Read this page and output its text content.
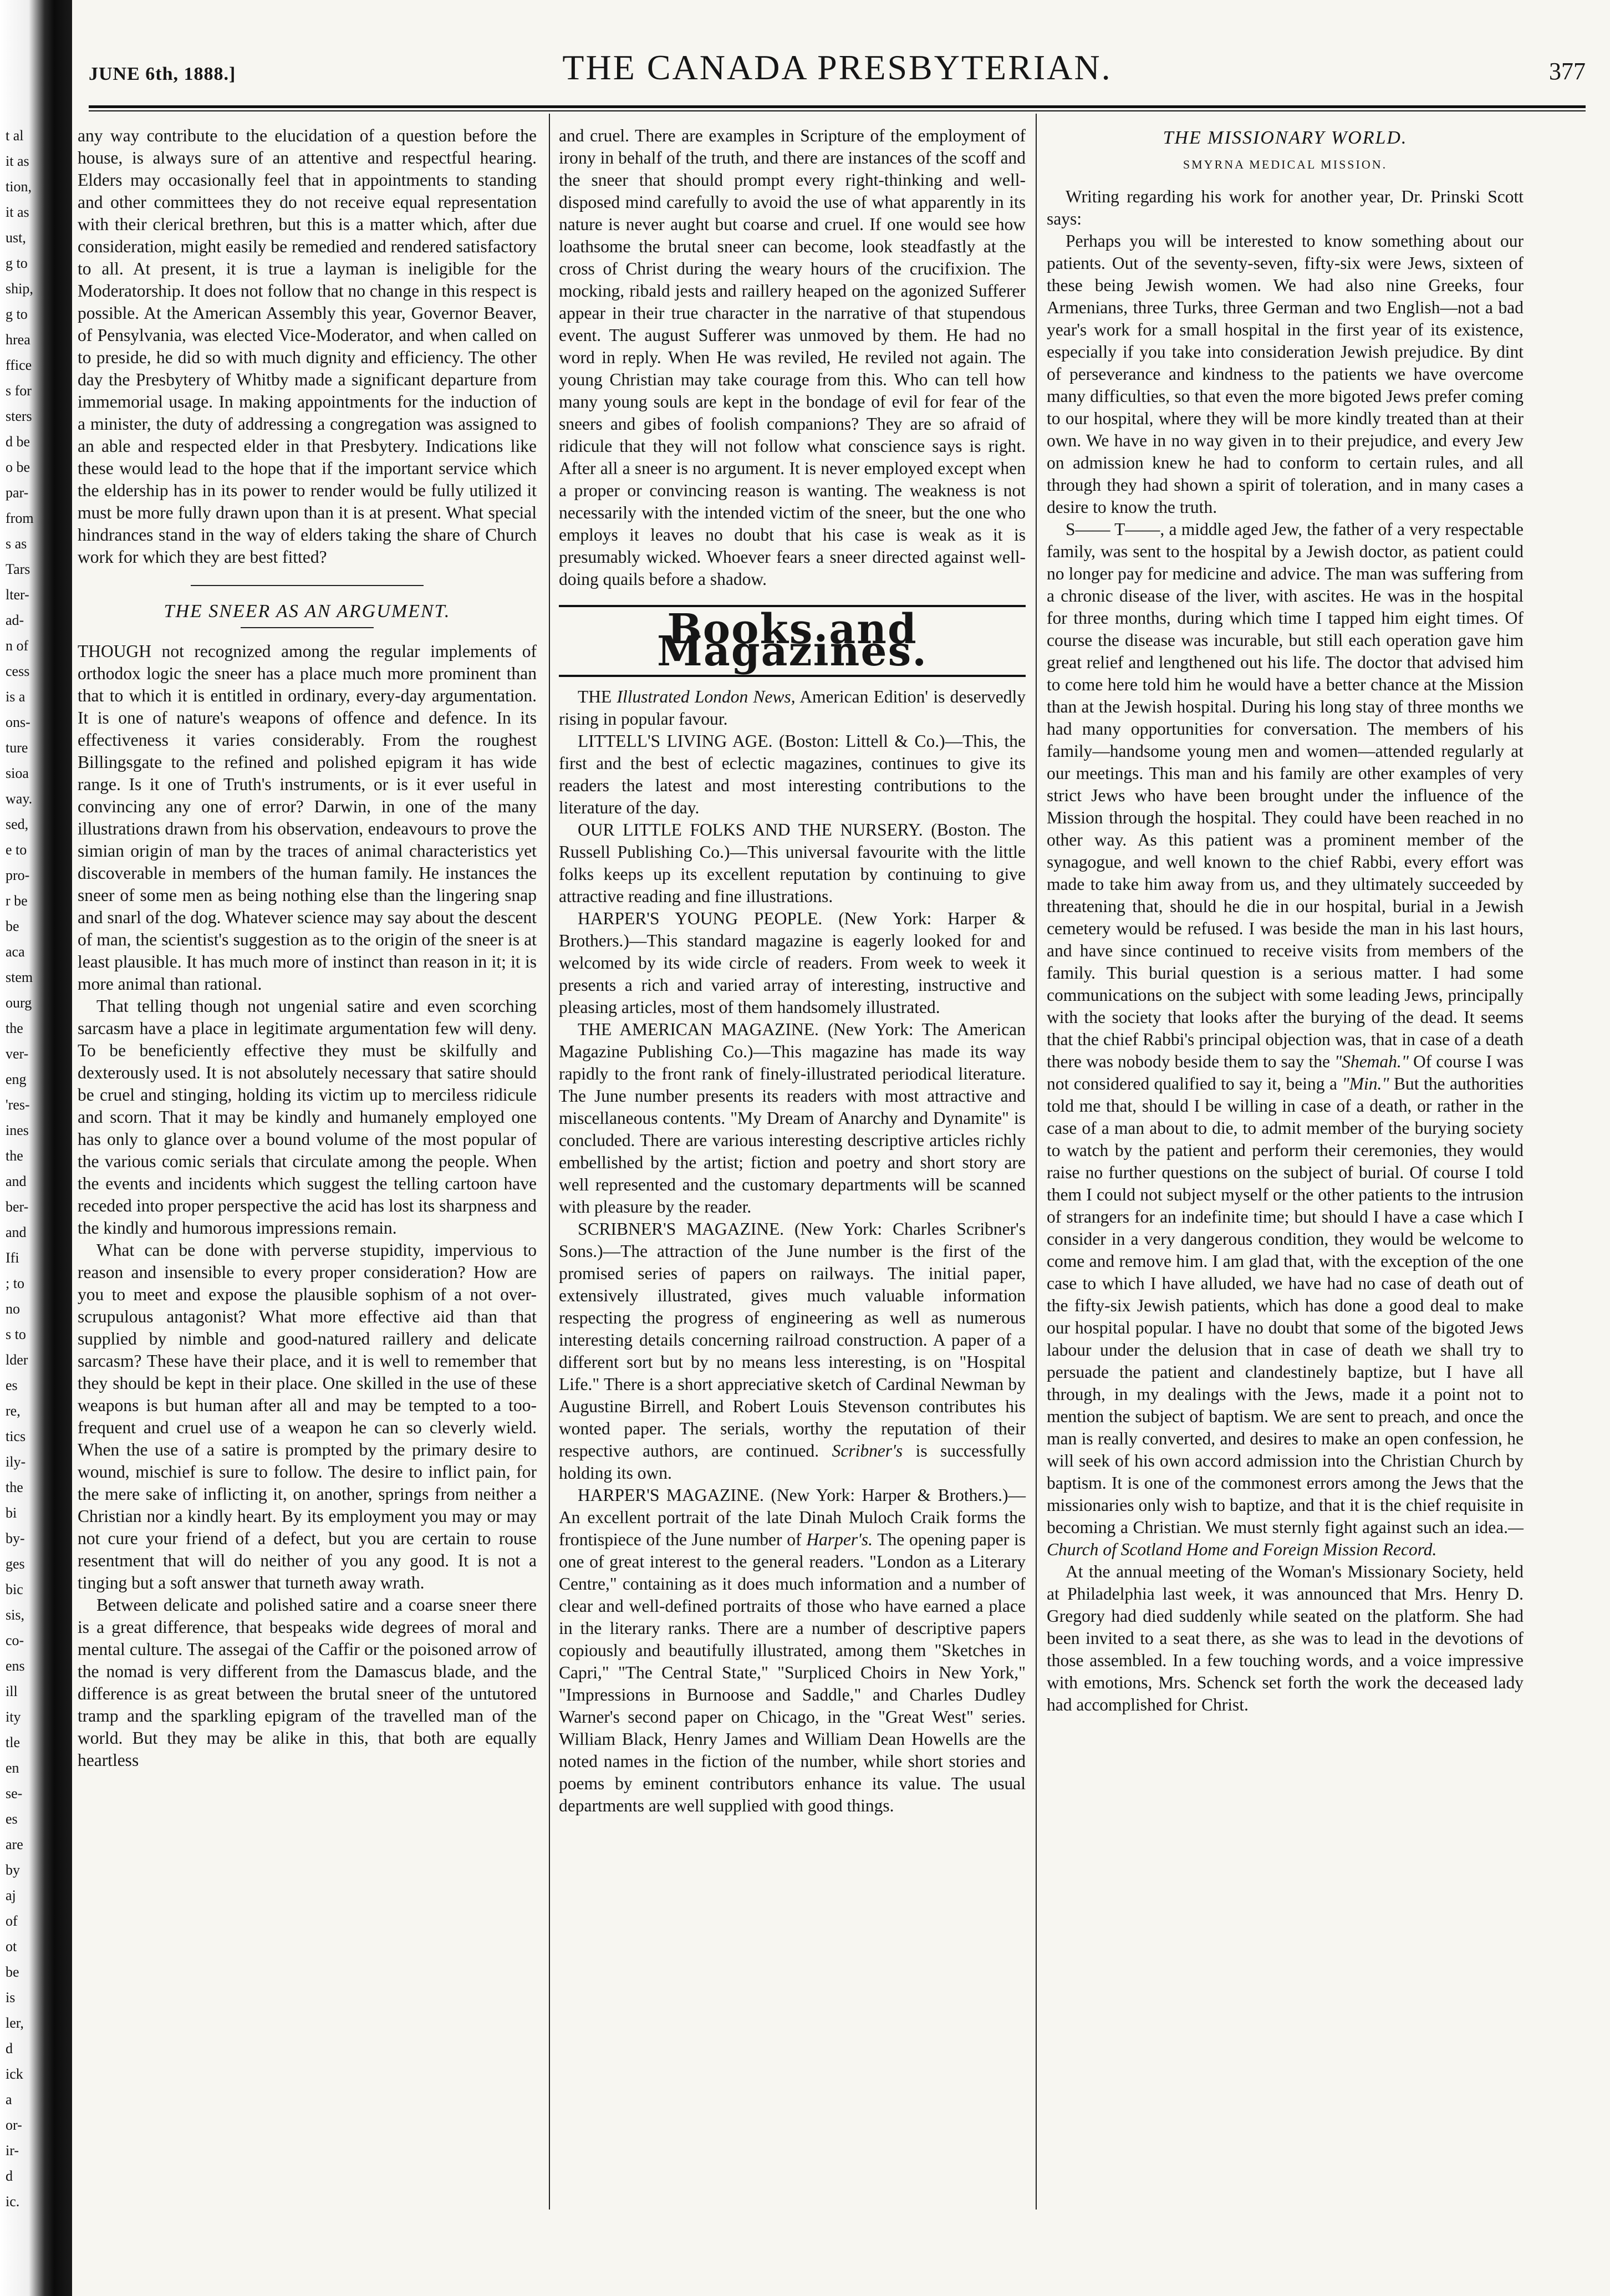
t al
it as
tion,
it as
ust,
g to
ship,
g to
hrea
ffice
s for
sters
d be
o be
par-
from
s as
Tars
lter-
ad-
n of
cess
is a
ons-
ture
sioa
way.
sed,
e to
pro-
r be
be
aca
stem
ourg
the
ver-
eng
'res-
ines
the
and
ber-
and
Ifi
; to
no
s to
lder
es
re,
tics
ily-
the
bi
by-
ges
bic
sis,
co-
ens
ill
ity
tle
en
se-
es
are
by
aj
of
ot
be
is
ler,
d
ick
a
or-
ir-
d
ic.
JUNE 6th, 1888.]	THE CANADA PRESBYTERIAN.	377

any way contribute to the elucidation of a question before the house, is always sure of an attentive and respectful hearing. Elders may occasionally feel that in appointments to standing and other committees they do not receive equal representation with their clerical brethren, but this is a matter which, after due consideration, might easily be remedied and rendered satisfactory to all. At present, it is true a layman is ineligible for the Moderatorship. It does not follow that no change in this respect is possible. At the American Assembly this year, Governor Beaver, of Pensylvania, was elected Vice-Moderator, and when called on to preside, he did so with much dignity and efficiency. The other day the Presbytery of Whitby made a significant departure from immemorial usage. In making appointments for the induction of a minister, the duty of addressing a congregation was assigned to an able and respected elder in that Presbytery. Indications like these would lead to the hope that if the important service which the eldership has in its power to render would be fully utilized it must be more fully drawn upon than it is at present. What special hindrances stand in the way of elders taking the share of Church work for which they are best fitted?

THE SNEER AS AN ARGUMENT.

THOUGH not recognized among the regular implements of orthodox logic the sneer has a place much more prominent than that to which it is entitled in ordinary, every-day argumentation. It is one of nature's weapons of offence and defence. In its effectiveness it varies considerably. From the roughest Billingsgate to the refined and polished epigram it has wide range. Is it one of Truth's instruments, or is it ever useful in convincing any one of error? Darwin, in one of the many illustrations drawn from his observation, endeavours to prove the simian origin of man by the traces of animal characteristics yet discoverable in members of the human family. He instances the sneer of some men as being nothing else than the lingering snap and snarl of the dog. Whatever science may say about the descent of man, the scientist's suggestion as to the origin of the sneer is at least plausible. It has much more of instinct than reason in it; it is more animal than rational.

That telling though not ungenial satire and even scorching sarcasm have a place in legitimate argumentation few will deny. To be beneficiently effective they must be skilfully and dexterously used. It is not absolutely necessary that satire should be cruel and stinging, holding its victim up to merciless ridicule and scorn. That it may be kindly and humanely employed one has only to glance over a bound volume of the most popular of the various comic serials that circulate among the people. When the events and incidents which suggest the telling cartoon have receded into proper perspective the acid has lost its sharpness and the kindly and humorous impressions remain.

What can be done with perverse stupidity, impervious to reason and insensible to every proper consideration? How are you to meet and expose the plausible sophism of a not over-scrupulous antagonist? What more effective aid than that supplied by nimble and good-natured raillery and delicate sarcasm? These have their place, and it is well to remember that they should be kept in their place. One skilled in the use of these weapons is but human after all and may be tempted to a too-frequent and cruel use of a weapon he can so cleverly wield. When the use of a satire is prompted by the primary desire to wound, mischief is sure to follow. The desire to inflict pain, for the mere sake of inflicting it, on another, springs from neither a Christian nor a kindly heart. By its employment you may or may not cure your friend of a defect, but you are certain to rouse resentment that will do neither of you any good. It is not a tinging but a soft answer that turneth away wrath.

Between delicate and polished satire and a coarse sneer there is a great difference, that bespeaks wide degrees of moral and mental culture. The assegai of the Caffir or the poisoned arrow of the nomad is very different from the Damascus blade, and the difference is as great between the brutal sneer of the untutored tramp and the sparkling epigram of the travelled man of the world. But they may be alike in this, that both are equally heartless

and cruel. There are examples in Scripture of the employment of irony in behalf of the truth, and there are instances of the scoff and the sneer that should prompt every right-thinking and well-disposed mind carefully to avoid the use of what apparently in its nature is never aught but coarse and cruel. If one would see how loathsome the brutal sneer can become, look steadfastly at the cross of Christ during the weary hours of the crucifixion. The mocking, ribald jests and raillery heaped on the agonized Sufferer appear in their true character in the narrative of that stupendous event. The august Sufferer was unmoved by them. He had no word in reply. When He was reviled, He reviled not again. The young Christian may take courage from this. Who can tell how many young souls are kept in the bondage of evil for fear of the sneers and gibes of foolish companions? They are so afraid of ridicule that they will not follow what conscience says is right. After all a sneer is no argument. It is never employed except when a proper or convincing reason is wanting. The weakness is not necessarily with the intended victim of the sneer, but the one who employs it leaves no doubt that his case is weak as it is presumably wicked. Whoever fears a sneer directed against well-doing quails before a shadow.

Books and Magazines.

THE Illustrated London News, American Edition' is deservedly rising in popular favour.

LITTELL'S LIVING AGE. (Boston: Littell & Co.)—This, the first and the best of eclectic magazines, continues to give its readers the latest and most interesting contributions to the literature of the day.

OUR LITTLE FOLKS AND THE NURSERY. (Boston. The Russell Publishing Co.)—This universal favourite with the little folks keeps up its excellent reputation by continuing to give attractive reading and fine illustrations.

HARPER'S YOUNG PEOPLE. (New York: Harper & Brothers.)—This standard magazine is eagerly looked for and welcomed by its wide circle of readers. From week to week it presents a rich and varied array of interesting, instructive and pleasing articles, most of them handsomely illustrated.

THE AMERICAN MAGAZINE. (New York: The American Magazine Publishing Co.)—This magazine has made its way rapidly to the front rank of finely-illustrated periodical literature. The June number presents its readers with most attractive and miscellaneous contents. "My Dream of Anarchy and Dynamite" is concluded. There are various interesting descriptive articles richly embellished by the artist; fiction and poetry and short story are well represented and the customary departments will be scanned with pleasure by the reader.

SCRIBNER'S MAGAZINE. (New York: Charles Scribner's Sons.)—The attraction of the June number is the first of the promised series of papers on railways. The initial paper, extensively illustrated, gives much valuable information respecting the progress of engineering as well as numerous interesting details concerning railroad construction. A paper of a different sort but by no means less interesting, is on "Hospital Life." There is a short appreciative sketch of Cardinal Newman by Augustine Birrell, and Robert Louis Stevenson contributes his wonted paper. The serials, worthy the reputation of their respective authors, are continued. Scribner's is successfully holding its own.

HARPER'S MAGAZINE. (New York: Harper & Brothers.)—An excellent portrait of the late Dinah Muloch Craik forms the frontispiece of the June number of Harper's. The opening paper is one of great interest to the general readers. "London as a Literary Centre," containing as it does much information and a number of clear and well-defined portraits of those who have earned a place in the literary ranks. There are a number of descriptive papers copiously and beautifully illustrated, among them "Sketches in Capri," "The Central State," "Surpliced Choirs in New York," "Impressions in Burnoose and Saddle," and Charles Dudley Warner's second paper on Chicago, in the "Great West" series. William Black, Henry James and William Dean Howells are the noted names in the fiction of the number, while short stories and poems by eminent contributors enhance its value. The usual departments are well supplied with good things.

THE MISSIONARY WORLD.
SMYRNA MEDICAL MISSION.

Writing regarding his work for another year, Dr. Prinski Scott says:

Perhaps you will be interested to know something about our patients. Out of the seventy-seven, fifty-six were Jews, sixteen of these being Jewish women. We had also nine Greeks, four Armenians, three Turks, three German and two English—not a bad year's work for a small hospital in the first year of its existence, especially if you take into consideration Jewish prejudice. By dint of perseverance and kindness to the patients we have overcome many difficulties, so that even the more bigoted Jews prefer coming to our hospital, where they will be more kindly treated than at their own. We have in no way given in to their prejudice, and every Jew on admission knew he had to conform to certain rules, and all through they had shown a spirit of toleration, and in many cases a desire to know the truth.

S—— T——, a middle aged Jew, the father of a very respectable family, was sent to the hospital by a Jewish doctor, as patient could no longer pay for medicine and advice. The man was suffering from a chronic disease of the liver, with ascites. He was in the hospital for three months, during which time I tapped him eight times. Of course the disease was incurable, but still each operation gave him great relief and lengthened out his life. The doctor that advised him to come here told him he would have a better chance at the Mission than at the Jewish hospital. During his long stay of three months we had many opportunities for conversation. The members of his family—handsome young men and women—attended regularly at our meetings. This man and his family are other examples of very strict Jews who have been brought under the influence of the Mission through the hospital. They could have been reached in no other way. As this patient was a prominent member of the synagogue, and well known to the chief Rabbi, every effort was made to take him away from us, and they ultimately succeeded by threatening that, should he die in our hospital, burial in a Jewish cemetery would be refused. I was beside the man in his last hours, and have since continued to receive visits from members of the family. This burial question is a serious matter. I had some communications on the subject with some leading Jews, principally with the society that looks after the burying of the dead. It seems that the chief Rabbi's principal objection was, that in case of a death there was nobody beside them to say the "Shemah." Of course I was not considered qualified to say it, being a "Min." But the authorities told me that, should I be willing in case of a death, or rather in the case of a man about to die, to admit member of the burying society to watch by the patient and perform their ceremonies, they would raise no further questions on the subject of burial. Of course I told them I could not subject myself or the other patients to the intrusion of strangers for an indefinite time; but should I have a case which I consider in a very dangerous condition, they would be welcome to come and remove him. I am glad that, with the exception of the one case to which I have alluded, we have had no case of death out of the fifty-six Jewish patients, which has done a good deal to make our hospital popular. I have no doubt that some of the bigoted Jews labour under the delusion that in case of death we shall try to persuade the patient and clandestinely baptize, but I have all through, in my dealings with the Jews, made it a point not to mention the subject of baptism. We are sent to preach, and once the man is really converted, and desires to make an open confession, he will seek of his own accord admission into the Christian Church by baptism. It is one of the commonest errors among the Jews that the missionaries only wish to baptize, and that it is the chief requisite in becoming a Christian. We must sternly fight against such an idea.—Church of Scotland Home and Foreign Mission Record.

At the annual meeting of the Woman's Missionary Society, held at Philadelphia last week, it was announced that Mrs. Henry D. Gregory had died suddenly while seated on the platform. She had been invited to a seat there, as she was to lead in the devotions of those assembled. In a few touching words, and a voice impressive with emotions, Mrs. Schenck set forth the work the deceased lady had accomplished for Christ.
